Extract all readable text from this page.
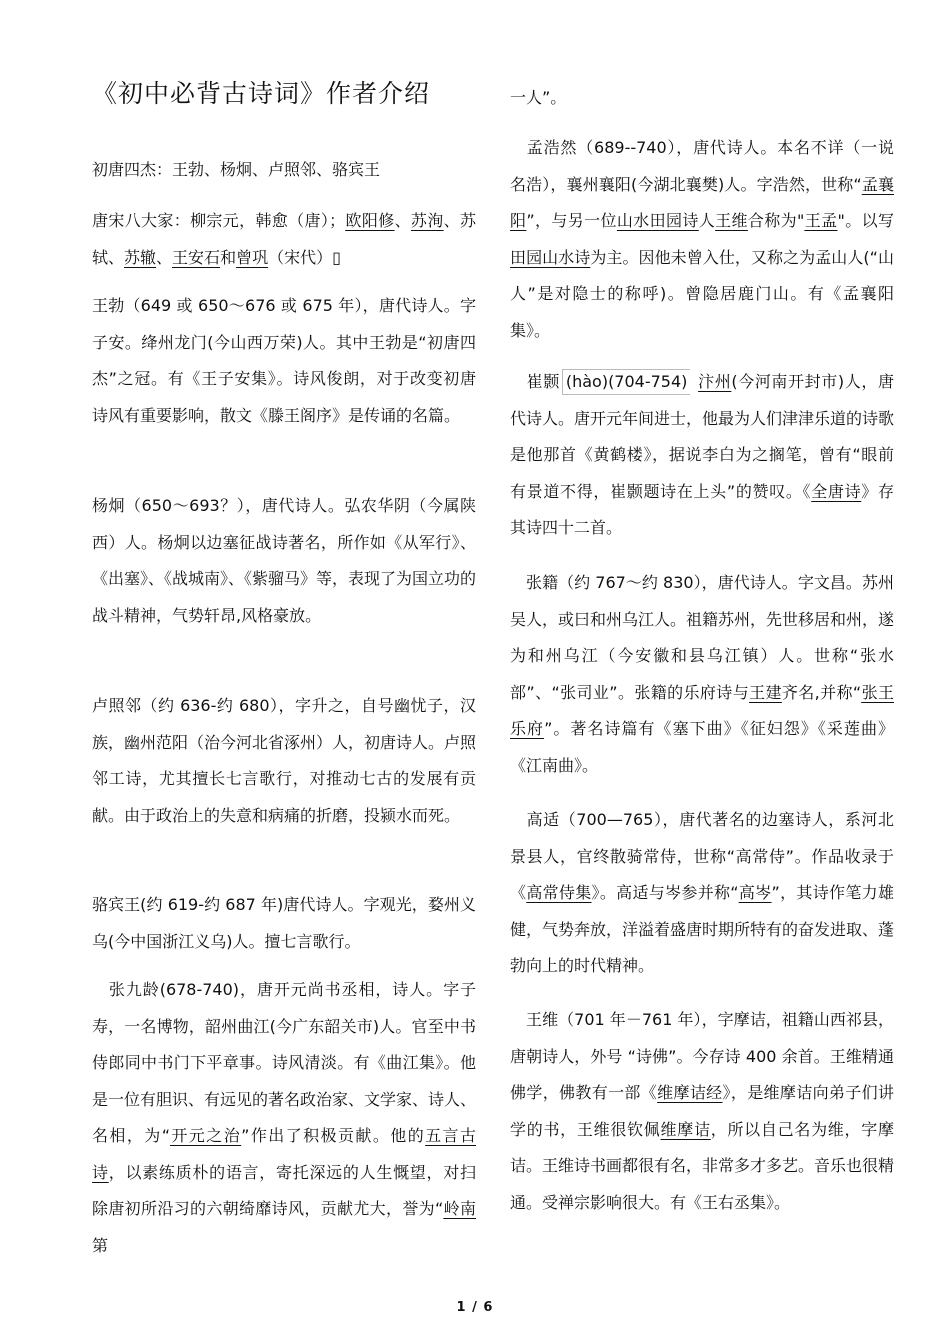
《初中必背古诗词》作者介绍

初唐四杰：王勃、杨炯、卢照邻、骆宾王

唐宋八大家：柳宗元，韩愈（唐）；欧阳修、苏洵、苏轼、苏辙、王安石和曾巩（宋代）▯

王勃（649 或 650～676 或 675 年），唐代诗人。字子安。绛州龙门(今山西万荣)人。其中王勃是“初唐四杰”之冠。有《王子安集》。诗风俊朗，对于改变初唐诗风有重要影响，散文《滕王阁序》是传诵的名篇。

杨炯（650～693？），唐代诗人。弘农华阴（今属陕西）人。杨炯以边塞征战诗著名，所作如《从军行》、《出塞》、《战城南》、《紫骝马》等，表现了为国立功的战斗精神，气势轩昂,风格豪放。

卢照邻（约 636-约 680），字升之，自号幽忧子，汉族，幽州范阳（治今河北省涿州）人，初唐诗人。卢照邻工诗，尤其擅长七言歌行，对推动七古的发展有贡献。由于政治上的失意和病痛的折磨，投颍水而死。

骆宾王(约 619-约 687 年)唐代诗人。字观光，婺州义乌(今中国浙江义乌)人。擅七言歌行。

　张九龄(678-740)，唐开元尚书丞相，诗人。字子寿，一名博物，韶州曲江(今广东韶关市)人。官至中书侍郎同中书门下平章事。诗风清淡。有《曲江集》。他是一位有胆识、有远见的著名政治家、文学家、诗人、名相，为“开元之治”作出了积极贡献。他的五言古诗，以素练质朴的语言，寄托深远的人生慨望，对扫除唐初所沿习的六朝绮靡诗风，贡献尤大，誉为“岭南第

一人”。

　孟浩然（689--740），唐代诗人。本名不详（一说名浩），襄州襄阳(今湖北襄樊)人。字浩然，世称“孟襄阳”，与另一位山水田园诗人王维合称为"王孟"。以写田园山水诗为主。因他未曾入仕，又称之为孟山人(“山人”是对隐士的称呼)。曾隐居鹿门山。有《孟襄阳集》。

　崔颢 (hào)(704-754) 汴州(今河南开封市)人，唐代诗人。唐开元年间进士，他最为人们津津乐道的诗歌是他那首《黄鹤楼》，据说李白为之搁笔，曾有“眼前有景道不得，崔颢题诗在上头”的赞叹。《全唐诗》存其诗四十二首。

　张籍（约 767～约 830），唐代诗人。字文昌。苏州吴人，或曰和州乌江人。祖籍苏州，先世移居和州，遂为和州乌江（今安徽和县乌江镇）人。世称“张水部”、“张司业”。张籍的乐府诗与王建齐名,并称“张王乐府”。著名诗篇有《塞下曲》《征妇怨》《采莲曲》《江南曲》。

　高适（700—765），唐代著名的边塞诗人，系河北景县人，官终散骑常侍，世称“高常侍”。作品收录于《高常侍集》。高适与岑参并称“高岑”，其诗作笔力雄健，气势奔放，洋溢着盛唐时期所特有的奋发进取、蓬勃向上的时代精神。

　王维（701 年－761 年），字摩诘，祖籍山西祁县，唐朝诗人，外号 “诗佛”。今存诗 400 余首。王维精通佛学，佛教有一部《维摩诘经》，是维摩诘向弟子们讲学的书，王维很钦佩维摩诘，所以自己名为维，字摩诘。王维诗书画都很有名，非常多才多艺。音乐也很精通。受禅宗影响很大。有《王右丞集》。

1 / 6
